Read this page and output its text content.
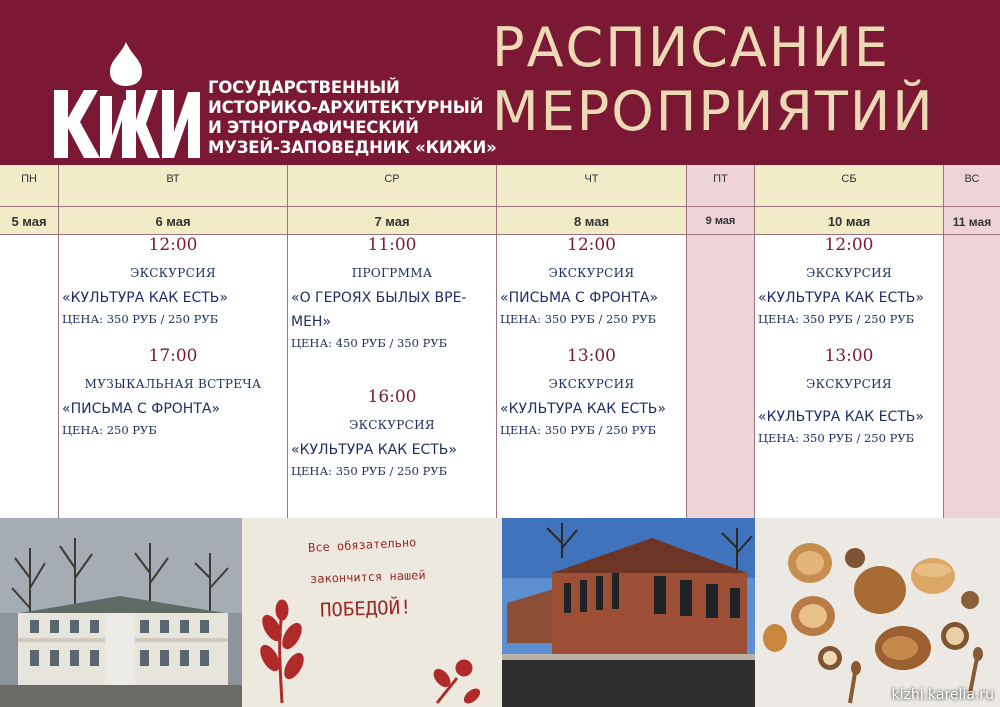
ГОСУДАРСТВЕННЫЙ
ИСТОРИКО-АРХИТЕКТУРНЫЙ
И ЭТНОГРАФИЧЕСКИЙ
МУЗЕЙ-ЗАПОВЕДНИК «КИЖИ»
РАСПИСАНИЕ
МЕРОПРИЯТИЙ
ПН
5 мая
ВТ
6 мая
12:00
ЭКСКУРСИЯ
«КУЛЬТУРА КАК ЕСТЬ»
ЦЕНА: 350 РУБ / 250 РУБ
17:00
МУЗЫКАЛЬНАЯ ВСТРЕЧА
«ПИСЬМА С ФРОНТА»
ЦЕНА: 250 РУБ
СР
7 мая
11:00
ПРОГРММА
«О ГЕРОЯХ БЫЛЫХ ВРЕ-МЕН»
ЦЕНА: 450 РУБ / 350 РУБ
16:00
ЭКСКУРСИЯ
«КУЛЬТУРА КАК ЕСТЬ»
ЦЕНА: 350 РУБ / 250 РУБ
ЧТ
8 мая
12:00
ЭКСКУРСИЯ
«ПИСЬМА С ФРОНТА»
ЦЕНА: 350 РУБ / 250 РУБ
13:00
ЭКСКУРСИЯ
«КУЛЬТУРА КАК ЕСТЬ»
ЦЕНА: 350 РУБ / 250 РУБ
ПТ
9 мая
СБ
10 мая
12:00
ЭКСКУРСИЯ
«КУЛЬТУРА КАК ЕСТЬ»
ЦЕНА: 350 РУБ / 250 РУБ
13:00
ЭКСКУРСИЯ
«КУЛЬТУРА КАК ЕСТЬ»
ЦЕНА: 350 РУБ / 250 РУБ
ВС
11 мая
Все обязательно
закончится нашей
ПОБЕДОЙ!
kizhi.karelia.ru
